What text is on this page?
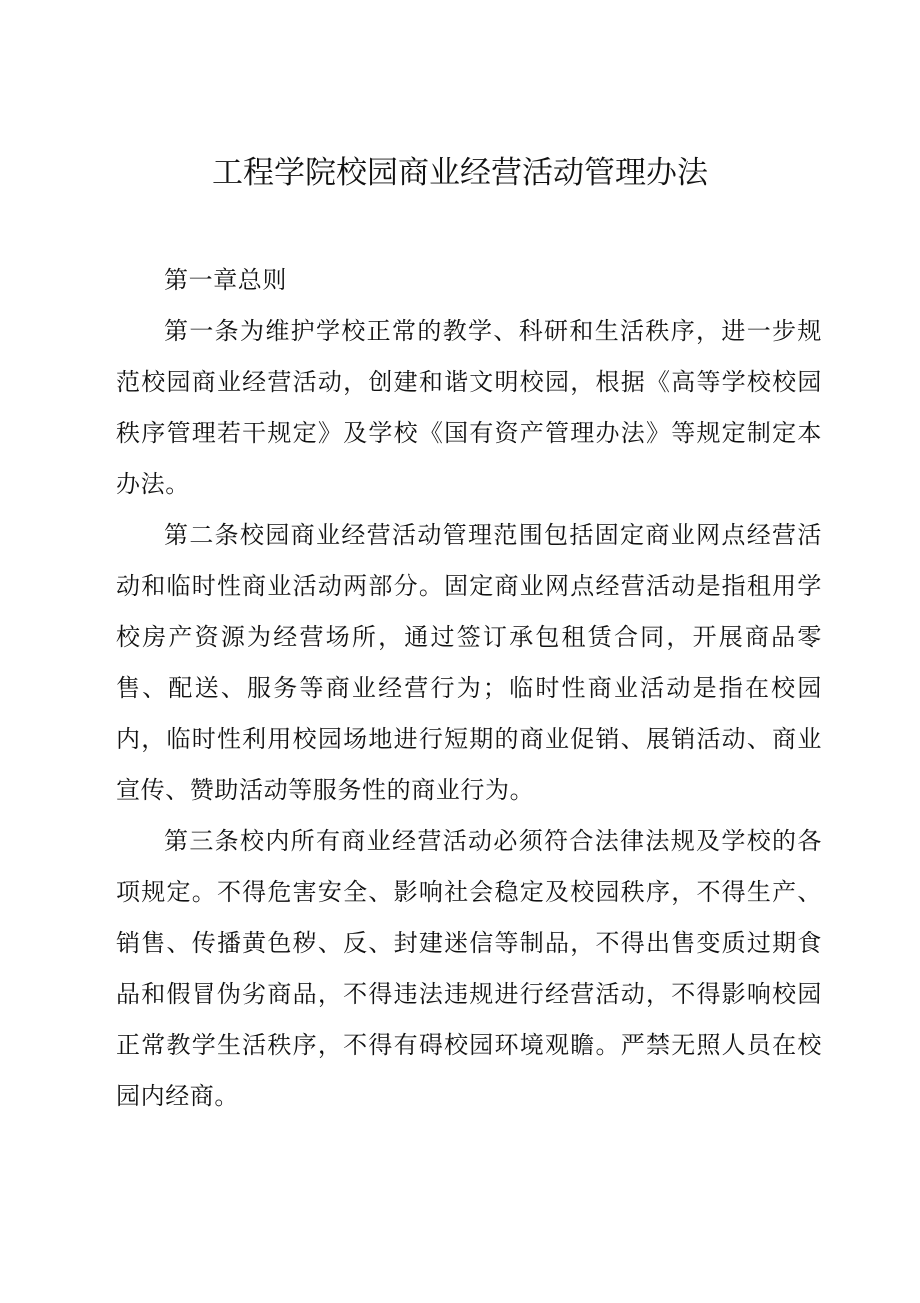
工程学院校园商业经营活动管理办法

第一章总则

第一条为维护学校正常的教学、科研和生活秩序，进一步规范校园商业经营活动，创建和谐文明校园，根据《高等学校校园秩序管理若干规定》及学校《国有资产管理办法》等规定制定本办法。

第二条校园商业经营活动管理范围包括固定商业网点经营活动和临时性商业活动两部分。固定商业网点经营活动是指租用学校房产资源为经营场所，通过签订承包租赁合同，开展商品零售、配送、服务等商业经营行为；临时性商业活动是指在校园内，临时性利用校园场地进行短期的商业促销、展销活动、商业宣传、赞助活动等服务性的商业行为。

第三条校内所有商业经营活动必须符合法律法规及学校的各项规定。不得危害安全、影响社会稳定及校园秩序，不得生产、销售、传播黄色秽、反、封建迷信等制品，不得出售变质过期食品和假冒伪劣商品，不得违法违规进行经营活动，不得影响校园正常教学生活秩序，不得有碍校园环境观瞻。严禁无照人员在校园内经商。
